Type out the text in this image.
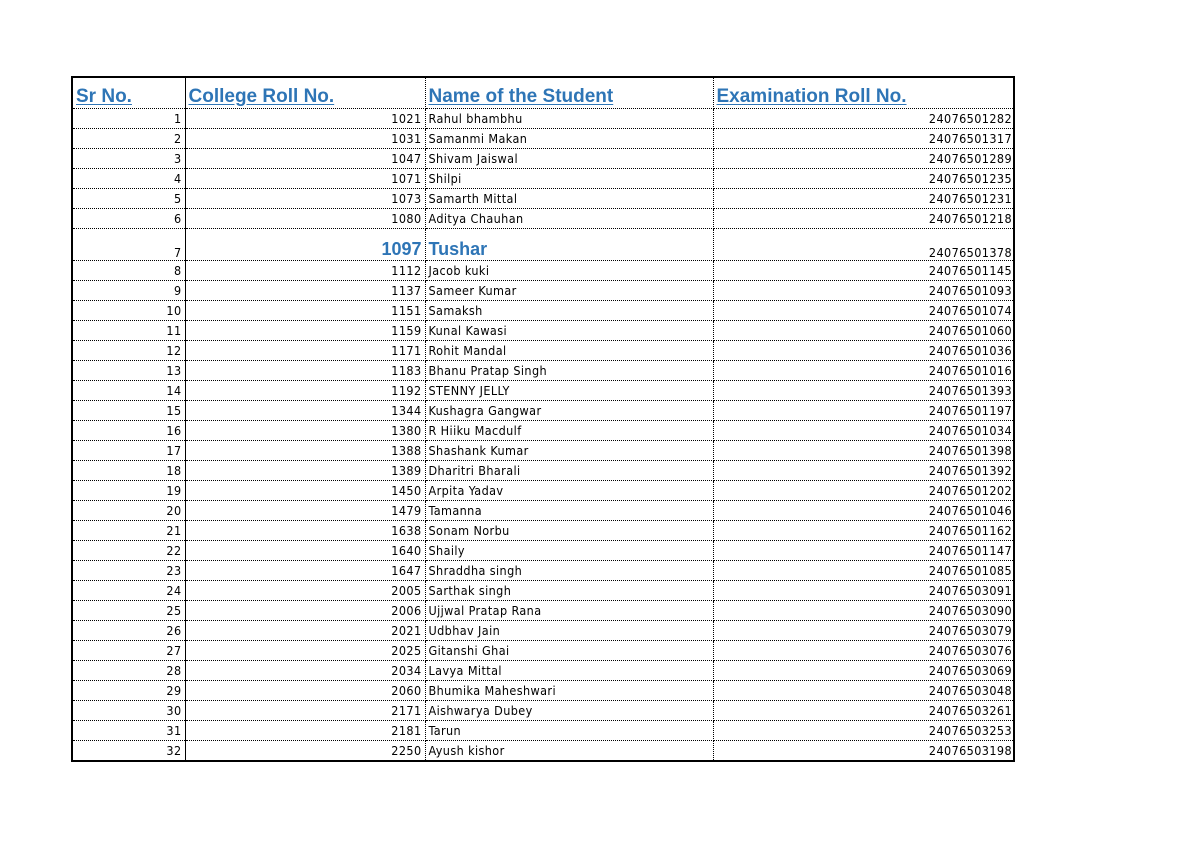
Sr No.	College Roll No.	Name of the Student	Examination Roll No.
1	1021	Rahul bhambhu	24076501282
2	1031	Samanmi Makan	24076501317
3	1047	Shivam Jaiswal	24076501289
4	1071	Shilpi	24076501235
5	1073	Samarth Mittal	24076501231
6	1080	Aditya Chauhan	24076501218
7	1097	Tushar	24076501378
8	1112	Jacob kuki	24076501145
9	1137	Sameer Kumar	24076501093
10	1151	Samaksh	24076501074
11	1159	Kunal Kawasi	24076501060
12	1171	Rohit Mandal	24076501036
13	1183	Bhanu Pratap Singh	24076501016
14	1192	STENNY JELLY	24076501393
15	1344	Kushagra Gangwar	24076501197
16	1380	R Hiiku Macdulf	24076501034
17	1388	Shashank Kumar	24076501398
18	1389	Dharitri Bharali	24076501392
19	1450	Arpita Yadav	24076501202
20	1479	Tamanna	24076501046
21	1638	Sonam Norbu	24076501162
22	1640	Shaily	24076501147
23	1647	Shraddha singh	24076501085
24	2005	Sarthak singh	24076503091
25	2006	Ujjwal Pratap Rana	24076503090
26	2021	Udbhav Jain	24076503079
27	2025	Gitanshi Ghai	24076503076
28	2034	Lavya Mittal	24076503069
29	2060	Bhumika Maheshwari	24076503048
30	2171	Aishwarya Dubey	24076503261
31	2181	Tarun	24076503253
32	2250	Ayush kishor	24076503198
